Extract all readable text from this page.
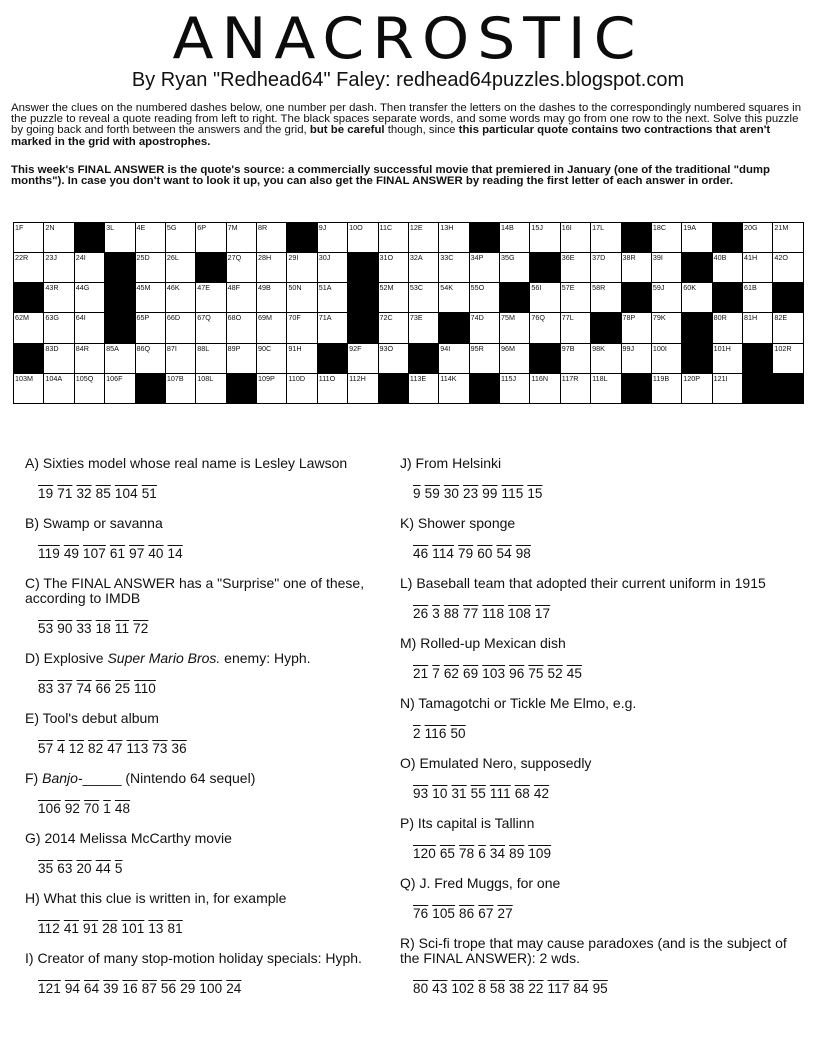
ANACROSTIC
By Ryan "Redhead64" Faley: redhead64puzzles.blogspot.com

Answer the clues on the numbered dashes below, one number per dash. Then transfer the letters on the dashes to the correspondingly numbered squares in the puzzle to reveal a quote reading from left to right. The black spaces separate words, and some words may go from one row to the next. Solve this puzzle by going back and forth between the answers and the grid, but be careful though, since this particular quote contains two contractions that aren't marked in the grid with apostrophes.

This week's FINAL ANSWER is the quote's source: a commercially successful movie that premiered in January (one of the traditional "dump months"). In case you don't want to look it up, you can also get the FINAL ANSWER by reading the first letter of each answer in order.

1F	2N		3L	4E	5G	6P	7M	8R		9J	10O	11C	12E	13H		14B	15J	16I	17L		18C	19A		20G	21M

22R	23J	24I		25D	26L		27Q	28H	29I	30J		31O	32A	33C	34P	35G		36E	37D	38R	39I		40B	41H	42O

	43R	44G		45M	46K	47E	48F	49B	50N	51A		52M	53C	54K	55O		56I	57E	58R		59J	60K		61B	

62M	63G	64I		65P	66D	67Q	68O	69M	70F	71A		72C	73E		74D	75M	76Q	77L		78P	79K		80R	81H	82E

	83D	84R	85A	86Q	87I	88L	89P	90C	91H		92F	93O		94I	95R	96M		97B	98K	99J	100I		101H		102R

103M	104A	105Q	106F		107B	108L		109P	110D	111O	112H		113E	114K		115J	116N	117R	118L		119B	120P	121I		

A) Sixties model whose real name is Lesley Lawson
19 71 32 85 104 51
B) Swamp or savanna
119 49 107 61 97 40 14
C) The FINAL ANSWER has a "Surprise" one of these, according to IMDB
53 90 33 18 11 72
D) Explosive Super Mario Bros. enemy: Hyph.
83 37 74 66 25 110
E) Tool's debut album
57 4 12 82 47 113 73 36
F) Banjo-_____ (Nintendo 64 sequel)
106 92 70 1 48
G) 2014 Melissa McCarthy movie
35 63 20 44 5
H) What this clue is written in, for example
112 41 91 28 101 13 81
I) Creator of many stop-motion holiday specials: Hyph.
121 94 64 39 16 87 56 29 100 24
J) From Helsinki
9 59 30 23 99 115 15
K) Shower sponge
46 114 79 60 54 98
L) Baseball team that adopted their current uniform in 1915
26 3 88 77 118 108 17
M) Rolled-up Mexican dish
21 7 62 69 103 96 75 52 45
N) Tamagotchi or Tickle Me Elmo, e.g.
2 116 50
O) Emulated Nero, supposedly
93 10 31 55 111 68 42
P) Its capital is Tallinn
120 65 78 6 34 89 109
Q) J. Fred Muggs, for one
76 105 86 67 27
R) Sci-fi trope that may cause paradoxes (and is the subject of the FINAL ANSWER): 2 wds.
80 43 102 8 58 38 22 117 84 95
